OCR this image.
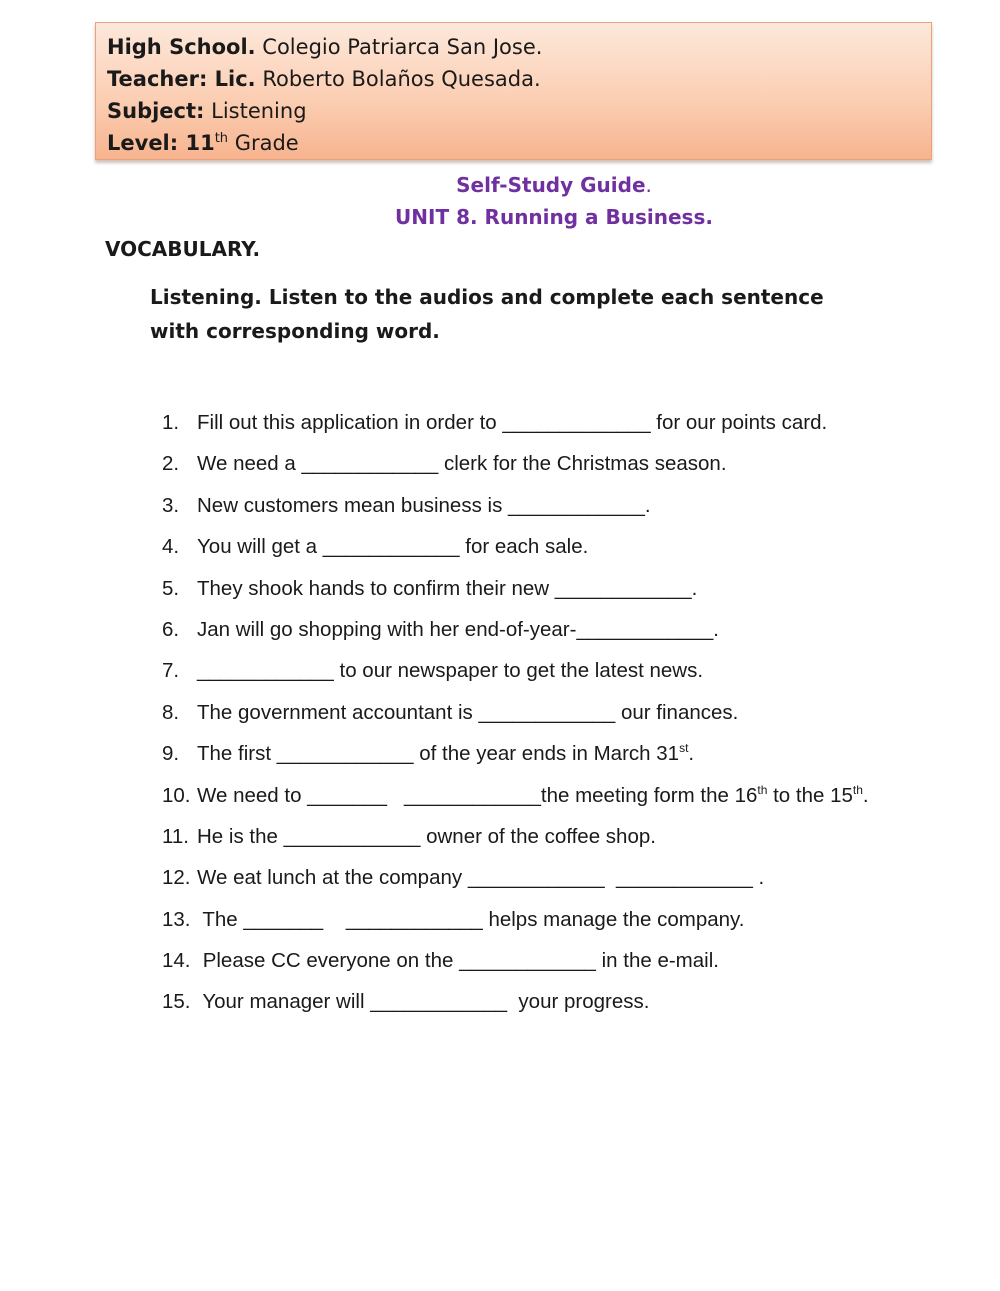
High School. Colegio Patriarca San Jose.
Teacher: Lic. Roberto Bolaños Quesada.
Subject: Listening
Level: 11th Grade
Self-Study Guide.
UNIT 8. Running a Business.
VOCABULARY.
Listening. Listen to the audios and complete each sentence with corresponding word.
1. Fill out this application in order to _____________ for our points card.
2. We need a ____________ clerk for the Christmas season.
3. New customers mean business is ____________.
4. You will get a ____________ for each sale.
5. They shook hands to confirm their new ____________.
6. Jan will go shopping with her end-of-year-____________.
7. ____________ to our newspaper to get the latest news.
8. The government accountant is ____________ our finances.
9. The first ____________ of the year ends in March 31st.
10. We need to _______   ____________the meeting form the 16th to the 15th.
11. He is the ____________ owner of the coffee shop.
12. We eat lunch at the company ____________  ____________ .
13. The _______    ____________ helps manage the company.
14. Please CC everyone on the ____________ in the e-mail.
15. Your manager will ____________  your progress.
